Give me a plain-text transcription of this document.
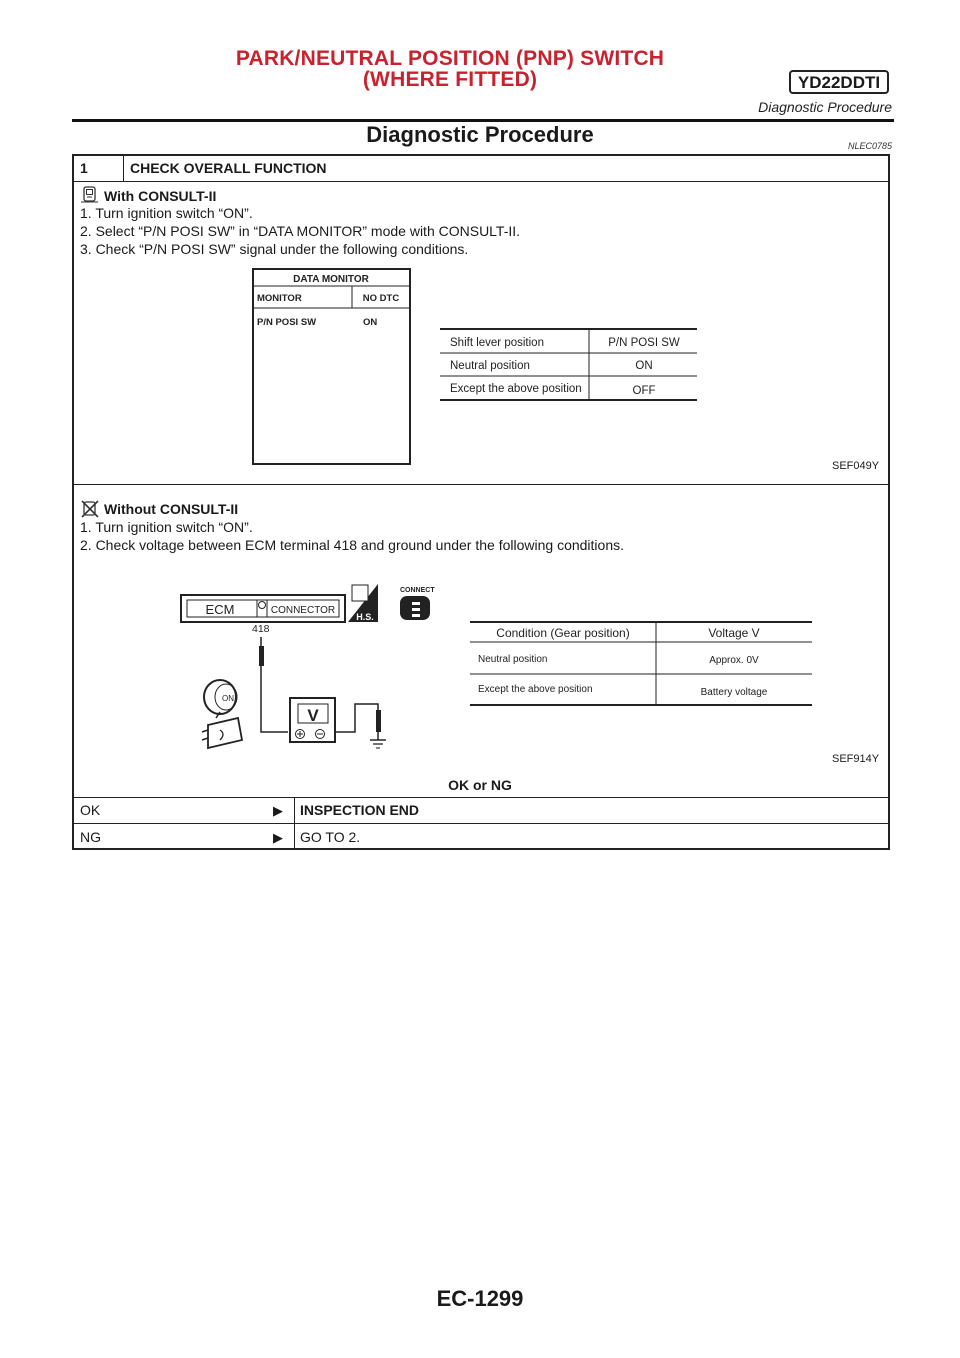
PARK/NEUTRAL POSITION (PNP) SWITCH
(WHERE FITTED)	YD22DDTI
Diagnostic Procedure
Diagnostic Procedure	NLEC0785
1	CHECK OVERALL FUNCTION
With CONSULT-II
1. Turn ignition switch “ON”.
2. Select “P/N POSI SW” in “DATA MONITOR” mode with CONSULT-II.
3. Check “P/N POSI SW” signal under the following conditions.
DATA MONITOR
MONITOR	NO DTC
P/N POSI SW	ON
Shift lever position	P/N POSI SW
Neutral position	ON
Except the above position	OFF
SEF049Y
Without CONSULT-II
1. Turn ignition switch “ON”.
2. Check voltage between ECM terminal 418 and ground under the following conditions.
ECM	CONNECTOR
418
H.S.
CONNECT
V
ON
Condition (Gear position)	Voltage V
Neutral position	Approx. 0V
Except the above position	Battery voltage
SEF914Y
OK or NG
OK	▶ INSPECTION END
NG	▶ GO TO 2.
EC-1299
